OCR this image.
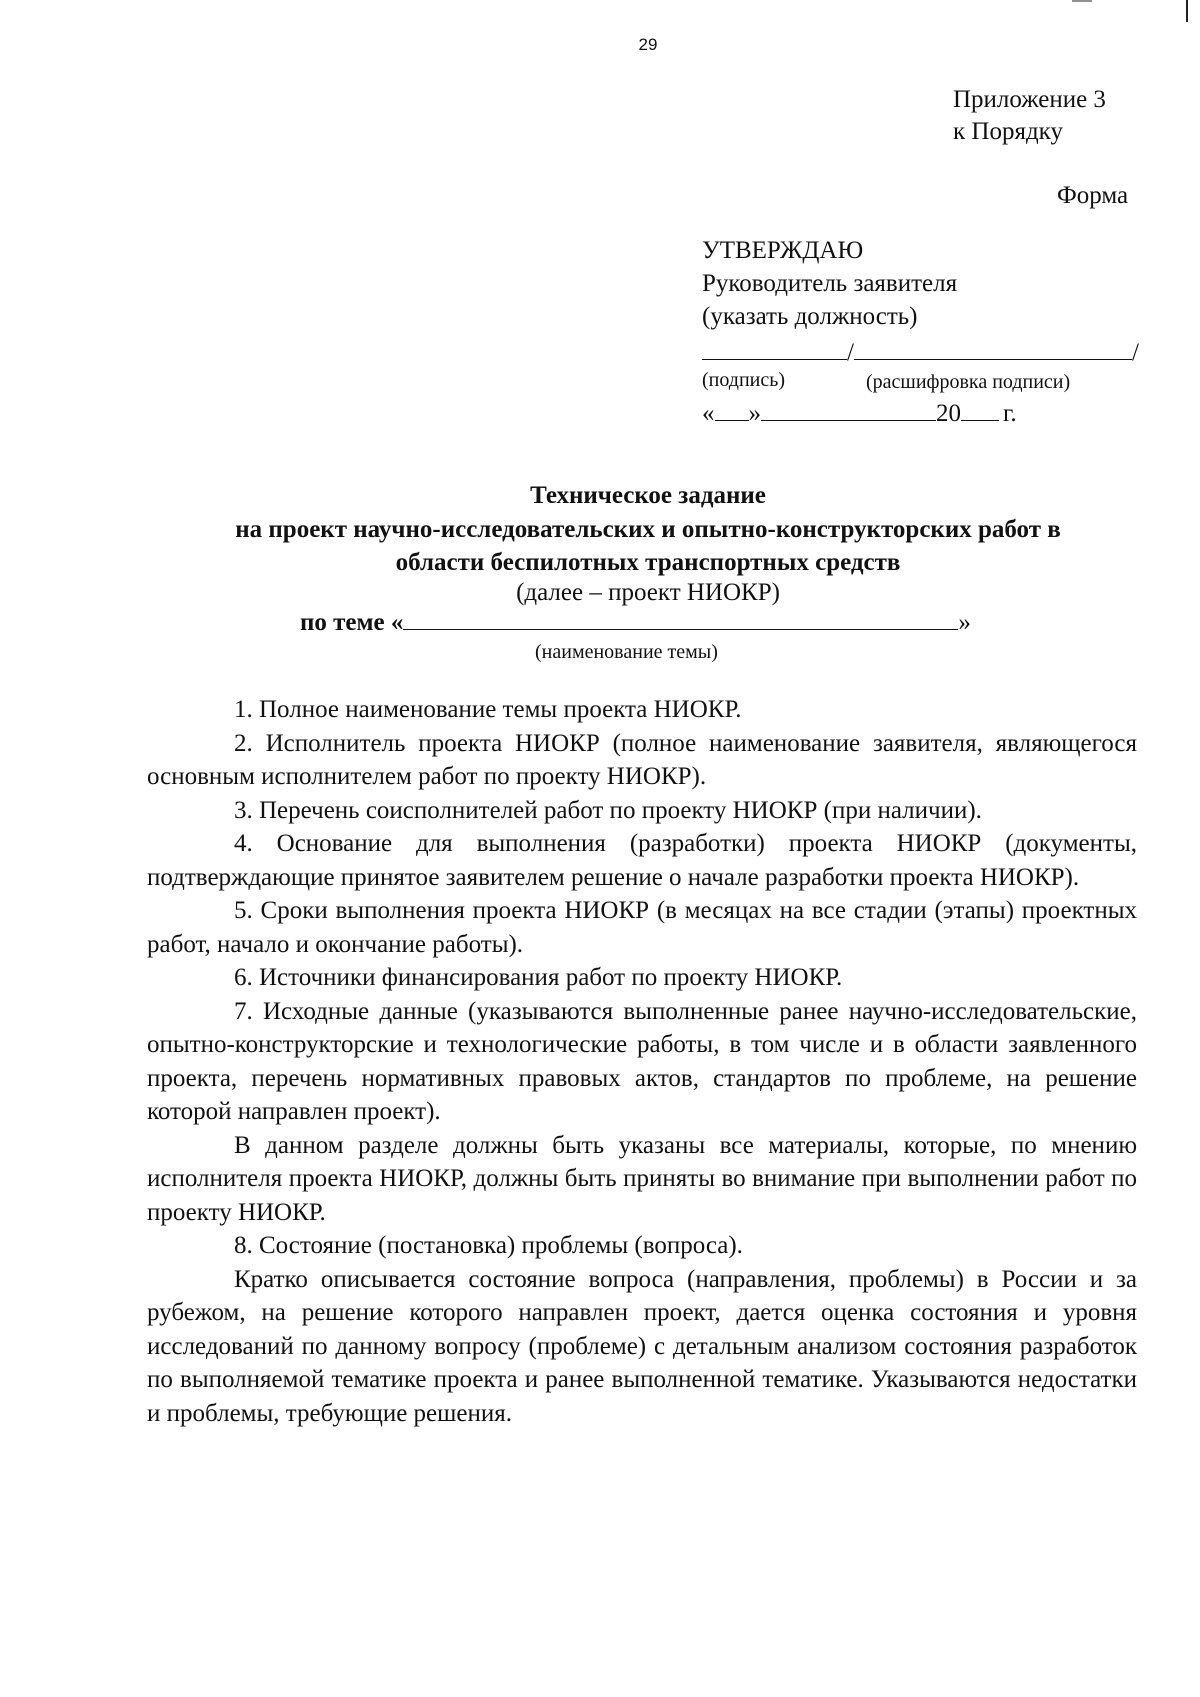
29
Приложение 3
к Порядку
Форма
УТВЕРЖДАЮ
Руководитель заявителя
(указать должность)
/	/
(подпись)	(расшифровка подписи)
« »	20 г.
Техническое задание
на проект научно-исследовательских и опытно-конструкторских работ в
области беспилотных транспортных средств
(далее – проект НИОКР)
по теме «	»
(наименование темы)

1. Полное наименование темы проекта НИОКР.

2. Исполнитель проекта НИОКР (полное наименование заявителя, являющегося основным исполнителем работ по проекту НИОКР).

3. Перечень соисполнителей работ по проекту НИОКР (при наличии).

4. Основание для выполнения (разработки) проекта НИОКР (документы, подтверждающие принятое заявителем решение о начале разработки проекта НИОКР).

5. Сроки выполнения проекта НИОКР (в месяцах на все стадии (этапы) проектных работ, начало и окончание работы).

6. Источники финансирования работ по проекту НИОКР.

7. Исходные данные (указываются выполненные ранее научно-исследовательские, опытно-конструкторские и технологические работы, в том числе и в области заявленного проекта, перечень нормативных правовых актов, стандартов по проблеме, на решение которой направлен проект).

В данном разделе должны быть указаны все материалы, которые, по мнению исполнителя проекта НИОКР, должны быть приняты во внимание при выполнении работ по проекту НИОКР.

8. Состояние (постановка) проблемы (вопроса).

Кратко описывается состояние вопроса (направления, проблемы) в России и за рубежом, на решение которого направлен проект, дается оценка состояния и уровня исследований по данному вопросу (проблеме) с детальным анализом состояния разработок по выполняемой тематике проекта и ранее выполненной тематике. Указываются недостатки и проблемы, требующие решения.
